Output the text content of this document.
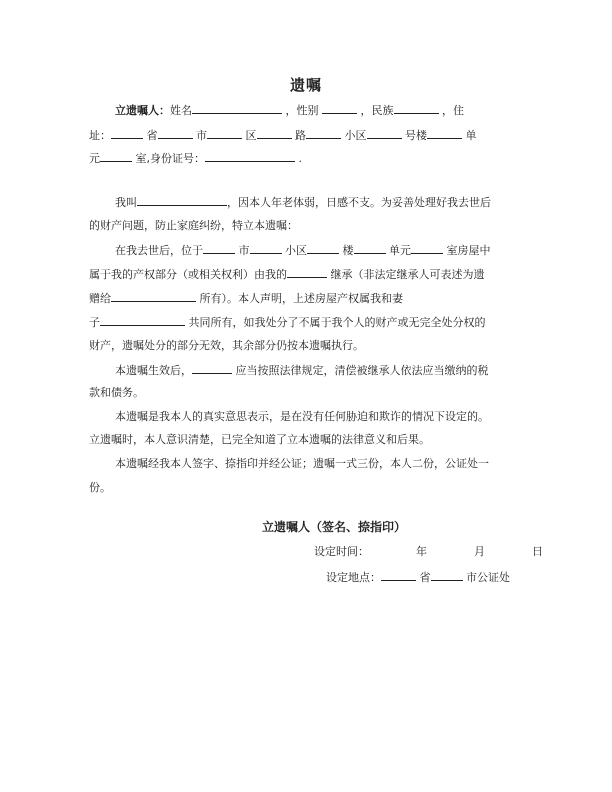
遗嘱
立遗嘱人：姓名	，性别	，民族	，住
址：	省	市	区	路	小区	号楼	单
元	室,身份证号：	.
我叫	，因本人年老体弱，日感不支。为妥善处理好我去世后
的财产问题，防止家庭纠纷，特立本遗嘱：
在我去世后，位于	市	小区	楼	单元	室房屋中
属于我的产权部分（或相关权利）由我的	继承（非法定继承人可表述为遗
赠给	所有）。本人声明，上述房屋产权属我和妻
子	共同所有，如我处分了不属于我个人的财产或无完全处分权的
财产，遗嘱处分的部分无效，其余部分仍按本遗嘱执行。
本遗嘱生效后，	应当按照法律规定，清偿被继承人依法应当缴纳的税
款和债务。
本遗嘱是我本人的真实意思表示，是在没有任何胁迫和欺诈的情况下设定的。
立遗嘱时，本人意识清楚，已完全知道了立本遗嘱的法律意义和后果。
本遗嘱经我本人签字、捺指印并经公证；遗嘱一式三份，本人二份，公证处一
份。
立遗嘱人（签名、捺指印）
设定时间：	年	月	日
设定地点：	省	市公证处
